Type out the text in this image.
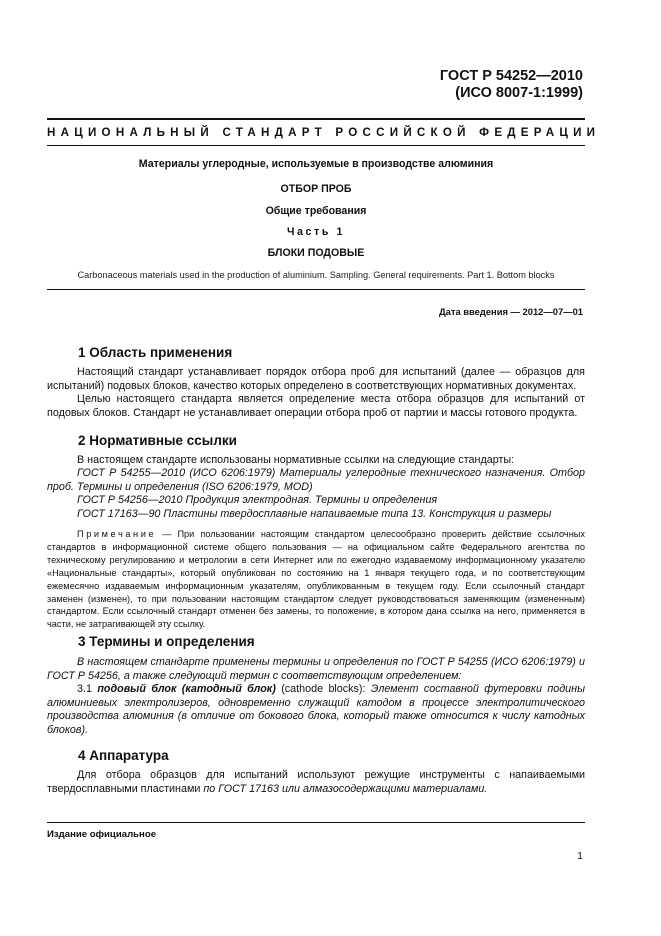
ГОСТ Р 54252—2010
(ИСО 8007-1:1999)
НАЦИОНАЛЬНЫЙ СТАНДАРТ РОССИЙСКОЙ ФЕДЕРАЦИИ
Материалы углеродные, используемые в производстве алюминия
ОТБОР ПРОБ
Общие требования
Часть 1
БЛОКИ ПОДОВЫЕ
Carbonaceous materials used in the production of aluminium. Sampling. General requirements. Part 1. Bottom blocks
Дата введения — 2012—07—01
1 Область применения
Настоящий стандарт устанавливает порядок отбора проб для испытаний (далее — образцов для испытаний) подовых блоков, качество которых определено в соответствующих нормативных документах.
Целью настоящего стандарта является определение места отбора образцов для испытаний от подовых блоков. Стандарт не устанавливает операции отбора проб от партии и массы готового продукта.
2 Нормативные ссылки
В настоящем стандарте использованы нормативные ссылки на следующие стандарты:
ГОСТ Р 54255—2010 (ИСО 6206:1979) Материалы углеродные технического назначения. Отбор проб. Термины и определения (ISO 6206:1979, MOD)
ГОСТ Р 54256—2010 Продукция электродная. Термины и определения
ГОСТ 17163—90 Пластины твердосплавные напаиваемые типа 13. Конструкция и размеры
Примечание — При пользовании настоящим стандартом целесообразно проверить действие ссылочных стандартов в информационной системе общего пользования — на официальном сайте Федерального агентства по техническому регулированию и метрологии в сети Интернет или по ежегодно издаваемому информационному указателю «Национальные стандарты», который опубликован по состоянию на 1 января текущего года, и по соответствующим ежемесячно издаваемым информационным указателям, опубликованным в текущем году. Если ссылочный стандарт заменен (изменен), то при пользовании настоящим стандартом следует руководствоваться заменяющим (измененным) стандартом. Если ссылочный стандарт отменен без замены, то положение, в котором дана ссылка на него, применяется в части, не затрагивающей эту ссылку.
3 Термины и определения
В настоящем стандарте применены термины и определения по ГОСТ Р 54255 (ИСО 6206:1979) и ГОСТ Р 54256, а также следующий термин с соответствующим определением:
3.1 подовый блок (катодный блок) (cathode blocks): Элемент составной футеровки подины алюминиевых электролизеров, одновременно служащий катодом в процессе электролитического производства алюминия (в отличие от бокового блока, который также относится к числу катодных блоков).
4 Аппаратура
Для отбора образцов для испытаний используют режущие инструменты с напаиваемыми твердосплавными пластинами по ГОСТ 17163 или алмазосодержащими материалами.
Издание официальное
1
